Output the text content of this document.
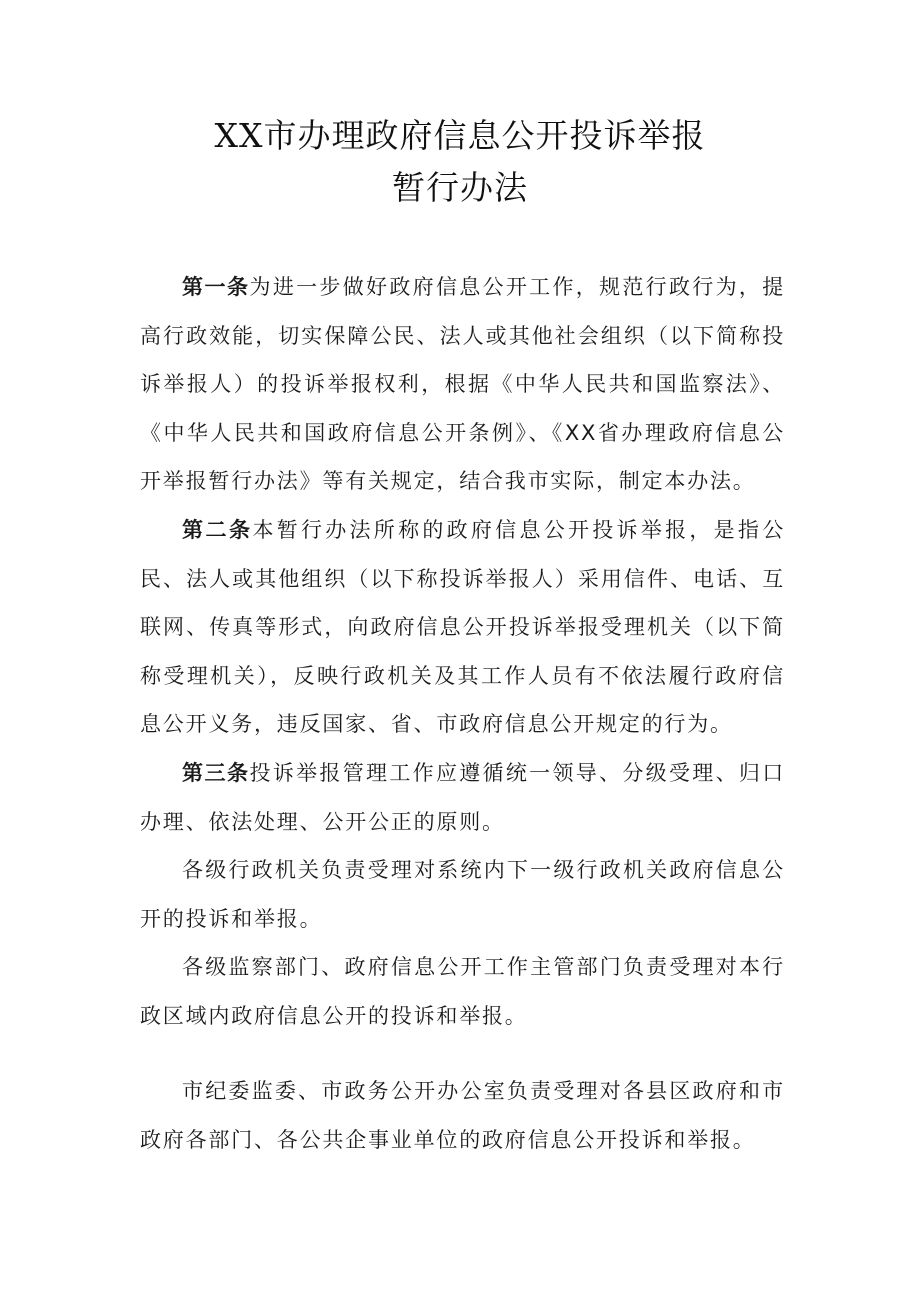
XX市办理政府信息公开投诉举报
暂行办法

第一条为进一步做好政府信息公开工作，规范行政行为，提高行政效能，切实保障公民、法人或其他社会组织（以下简称投诉举报人）的投诉举报权利，根据《中华人民共和国监察法》、《中华人民共和国政府信息公开条例》、《XX省办理政府信息公开举报暂行办法》等有关规定，结合我市实际，制定本办法。

第二条本暂行办法所称的政府信息公开投诉举报，是指公民、法人或其他组织（以下称投诉举报人）采用信件、电话、互联网、传真等形式，向政府信息公开投诉举报受理机关（以下简称受理机关），反映行政机关及其工作人员有不依法履行政府信息公开义务，违反国家、省、市政府信息公开规定的行为。

第三条投诉举报管理工作应遵循统一领导、分级受理、归口办理、依法处理、公开公正的原则。

各级行政机关负责受理对系统内下一级行政机关政府信息公开的投诉和举报。

各级监察部门、政府信息公开工作主管部门负责受理对本行政区域内政府信息公开的投诉和举报。

市纪委监委、市政务公开办公室负责受理对各县区政府和市政府各部门、各公共企事业单位的政府信息公开投诉和举报。
